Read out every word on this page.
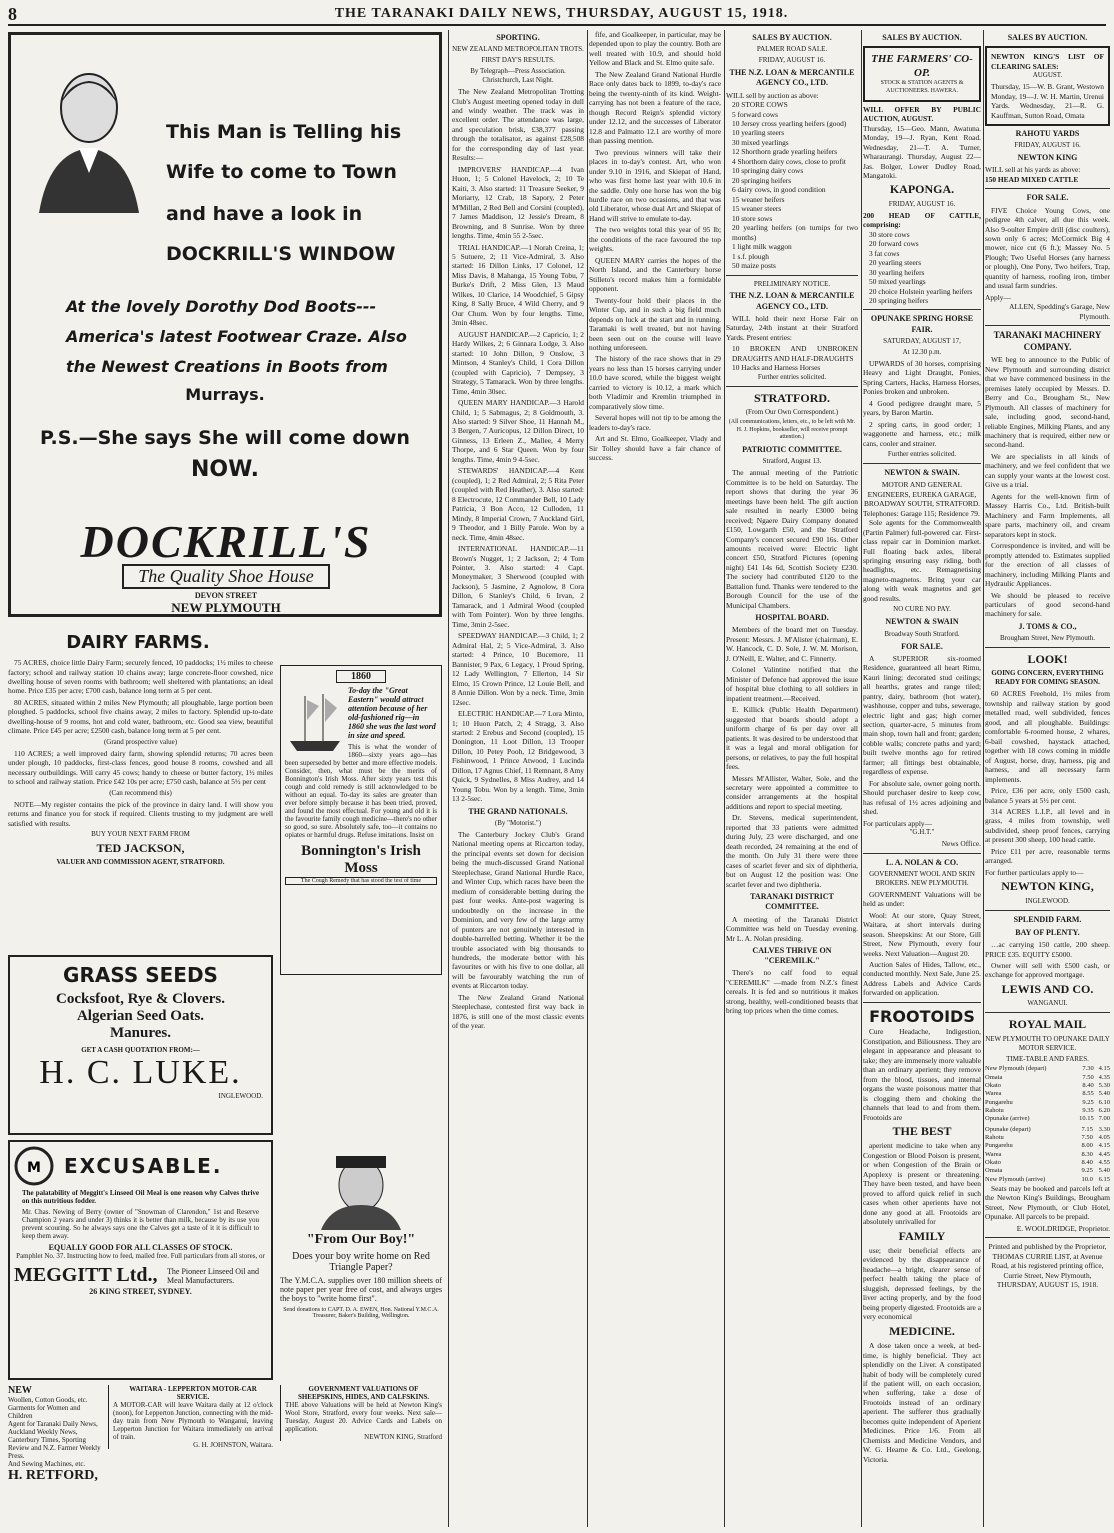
8	THE TARANAKI DAILY NEWS, THURSDAY, AUGUST 15, 1918.
This Man is Telling his
Wife to come to Town
and have a look in
DOCKRILL'S WINDOW
At the lovely Dorothy Dod Boots---
America's latest Footwear Craze. Also
the Newest Creations in Boots from
Murrays.
P.S.—She says She will come down
NOW.
DOCKRILL'S
The Quality Shoe House
DEVON STREET
NEW PLYMOUTH
DAIRY FARMS.

75 ACRES, choice little Dairy Farm; securely fenced, 10 paddocks; 1½ miles to cheese factory; school and railway station 10 chains away; large concrete-floor cowshed, nice dwelling house of seven rooms with bathroom; well sheltered with plantations; an ideal home. Price £35 per acre; £700 cash, balance long term at 5 per cent.

80 ACRES, situated within 2 miles New Plymouth; all ploughable, large portion been ploughed. 5 paddocks, school five chains away, 2 miles to factory. Splendid up-to-date dwelling-house of 9 rooms, hot and cold water, bathroom, etc. Good sea view, beautiful climate. Price £45 per acre; £2500 cash, balance long term at 5 per cent.

(Grand prospective value)

110 ACRES; a well improved dairy farm, showing splendid returns; 70 acres been under plough, 10 paddocks, first-class fences, good house 8 rooms, cowshed and all necessary outbuildings. Will carry 45 cows; handy to cheese or butter factory, 1½ miles to school and railway station. Price £42 10s per acre; £750 cash, balance at 5½ per cent

(Can recommend this)

NOTE—My register contains the pick of the province in dairy land. I will show you returns and finance you for stock if required. Clients trusting to my judgment are well satisfied with results.

BUY YOUR NEXT FARM FROM
TED JACKSON,
VALUER AND COMMISSION AGENT, STRATFORD.
1860

To-day the "Great Eastern" would attract attention because of her old-fashioned rig—in 1860 she was the last word in size and speed.

This is what the wonder of 1860—sixty years ago—has been superseded by better and more effective models. Consider, then, what must be the merits of Bonnington's Irish Moss. After sixty years test this cough and cold remedy is still acknowledged to be without an equal. To-day its sales are greater than ever before simply because it has been tried, proved, and found the most effectual. For young and old it is the favourite family cough medicine—there's no other so good, so sure. Absolutely safe, too—it contains no opiates or harmful drugs. Refuse imitations. Insist on

Bonnington's Irish Moss
The Cough Remedy that has stood the test of time
GRASS SEEDS
Cocksfoot, Rye & Clovers.
Algerian Seed Oats.
Manures.
GET A CASH QUOTATION FROM:—
H. C. LUKE.
INGLEWOOD.
M EXCUSABLE.

The palatability of Meggitt's Linseed Oil Meal is one reason why Calves thrive on this nutritious fodder.

Mr. Chas. Newing of Berry (owner of "Snowman of Clarendon," 1st and Reserve Champion 2 years and under 3) thinks it is better than milk, because by its use you prevent scouring. So he always says one the Calves get a taste of it it is difficult to keep them away.

EQUALLY GOOD FOR ALL CLASSES OF STOCK.
Pamphlet No. 37. Instructing how to feed, mailed free. Full particulars from all stores, or
MEGGITT Ltd., The Pioneer Linseed Oil and Meal Manufacturers.
26 KING STREET, SYDNEY.
"From Our Boy!"
Does your boy write home on Red Triangle Paper?

The Y.M.C.A. supplies over 180 million sheets of note paper per year free of cost, and always urges the boys to "write home first".

Send donations to CAPT. D. A. EWEN, Hon. National Y.M.C.A. Treasurer, Baker's Building, Wellington.

NEW
Woollen, Cotton Goods, etc.
Garments for Women and Children
Agent for Taranaki Daily News, Auckland Weekly News, Canterbury Times, Sporting Review and N.Z. Farmer Weekly Press.
And Sewing Machines, etc.
H. RETFORD,
WAITARA - LEPPERTON MOTOR-CAR SERVICE.

A MOTOR-CAR will leave Waitara daily at 12 o'clock (noon), for Lepperton Junction, connecting with the mid-day train from New Plymouth to Wanganui, leaving Lepperton Junction for Waitara immediately on arrival of train.

G. H. JOHNSTON, Waitara.
GOVERNMENT VALUATIONS OF SHEEPSKINS, HIDES, AND CALFSKINS.

THE above Valuations will be held at Newton King's Wool Store, Stratford, every four weeks. Next sale—Tuesday, August 20. Advice Cards and Labels on application.

NEWTON KING, Stratford
SPORTING.
NEW ZEALAND METROPOLITAN TROTS.
FIRST DAY'S RESULTS.
By Telegraph—Press Association. Christchurch, Last Night.

The New Zealand Metropolitan Trotting Club's August meeting opened today in dull and windy weather. The track was in excellent order. The attendance was large, and speculation brisk, £38,377 passing through the totalisator, as against £28,508 for the corresponding day of last year. Results:—

IMPROVERS' HANDICAP.—4 Ivan Huon, 1; 5 Colonel Havelock, 2; 10 Te Kaiti, 3. Also started: 11 Treasure Seeker, 9 Moriarty, 12 Crab, 18 Sapory, 2 Peter M'Millan, 2 Red Bell and Corsini (coupled), 7 James Maddison, 12 Jessie's Dream, 8 Browning, and 8 Sunrise. Won by three lengths. Time, 4min 55 2-5sec.

TRIAL HANDICAP.—1 Norah Creina, 1; 5 Sutuere, 2; 11 Vice-Admiral, 3. Also started: 16 Dillon Links, 17 Colonel, 12 Miss Davis, 8 Mahanga, 15 Young Tobu, 7 Burke's Drift, 2 Miss Glen, 13 Maud Wilkes, 10 Clarice, 14 Woodchief, 5 Gipsy King, 8 Sally Bruce, 4 Wild Cherry, and 9 Our Chum. Won by four lengths. Time, 3min 48sec.

AUGUST HANDICAP.—2 Capricio, 1; 2 Hardy Wilkes, 2; 6 Ginnara Lodge, 3. Also started: 10 John Dillon, 9 Onslow, 3 Mintson, 4 Stanley's Child, 1 Cora Dillon (coupled with Capricio), 7 Dempsey, 3 Strategy, 5 Tamarack. Won by three lengths. Time, 4min 30sec.

QUEEN MARY HANDICAP.—3 Harold Child, 1; 5 Sabmagus, 2; 8 Goldmouth, 3. Also started: 9 Silver Shoe, 11 Hannah M., 3 Bergen, 7 Auricopus, 12 Dillon Direct, 10 Ginness, 13 Erleen Z., Mallee, 4 Merry Thorpe, and 6 Star Queen. Won by four lengths. Time, 4min 9 4-5sec.

STEWARDS' HANDICAP.—4 Kent (coupled), 1; 2 Red Admiral, 2; 5 Rita Peter (coupled with Red Heather), 3. Also started: 8 Electrocute, 12 Commander Bell, 10 Lady Patricia, 3 Bon Acco, 12 Culloden, 11 Mindy, 8 Imperial Crown, 7 Auckland Girl, 9 Theodor, and 1 Billy Parole. Won by a neck. Time, 4min 48sec.

INTERNATIONAL HANDICAP.—11 Brown's Nugget, 1; 2 Jackson, 2; 4 Tom Pointer, 3. Also started: 4 Capt. Moneymaker, 3 Sherwood (coupled with Jackson), 5 Jasmine, 2 Agnolow, 8 Cora Dillon, 6 Stanley's Child, 6 Irvan, 2 Tamarack, and 1 Admiral Wood (coupled with Tom Pointer). Won by three lengths. Time, 3min 2-5sec.

SPEEDWAY HANDICAP.—3 Child, 1; 2 Admiral Hal, 2; 5 Vice-Admiral, 3. Also started: 4 Prince, 10 Bucemore, 11 Bannister, 9 Pax, 6 Legacy, 1 Proud Spring, 12 Lady Wellington, 7 Ellerton, 14 Sir Elmo, 15 Crown Prince, 12 Louie Bell, and 8 Annie Dillon. Won by a neck. Time, 3min 12sec.

ELECTRIC HANDICAP.—7 Lora Minto, 1; 10 Huon Patch, 2; 4 Stragg, 3. Also started: 2 Erebus and Second (coupled), 15 Donington, 11 Loot Dillon, 13 Trooper Dillon, 10 Petey Pooh, 12 Bridgewood, 3 Fishinwood, 1 Prince Atwood, 1 Lucinda Dillon, 17 Agnus Chief, 11 Remnant, 8 Amy Quick, 9 Sydnelles, 8 Miss Audrey, and 14 Young Tobu. Won by a length. Time, 3min 13 2-5sec.

THE GRAND NATIONALS.
(By "Motorist.")

The Canterbury Jockey Club's Grand National meeting opens at Riccarton today, the principal events set down for decision being the much-discussed Grand National Steeplechase, Grand National Hurdle Race, and Winter Cup, which races have been the medium of considerable betting during the past four weeks. Ante-post wagering is undoubtedly on the increase in the Dominion, and very few of the large army of punters are not genuinely interested in double-barrelled betting. Whether it be the trouble associated with big thousands to hundreds, the moderate bettor with his favourites or with his five to one dollar, all will be favourably watching the run of events at Riccarton today.

The New Zealand Grand National Steeplechase, contested first way back in 1876, is still one of the most classic events of the year.

fife, and Goalkeeper, in particular, may be depended upon to play the country. Both are well treated with 10.9, and should hold Yellow and Black and St. Elmo quite safe.

The New Zealand Grand National Hurdle Race only dates back to 1899, to-day's race being the twenty-ninth of its kind. Weight-carrying has not been a feature of the race, though Record Reign's splendid victory under 12.12, and the successes of Liberator 12.8 and Palmatto 12.1 are worthy of more than passing mention.

Two previous winners will take their places in to-day's contest. Art, who won under 9.10 in 1916, and Skiepat of Hand, who was first home last year with 10.6 in the saddle. Only one horse has won the big hurdle race on two occasions, and that was old Liberator, whose dual Art and Skiepat of Hand will strive to emulate to-day.

The two weights total this year of 95 lb; the conditions of the race favoured the top weights.

QUEEN MARY carries the hopes of the North Island, and the Canterbury horse Stilleto's record makes him a formidable opponent.

Twenty-four hold their places in the Winter Cup, and in such a big field much depends on luck at the start and in running. Taramaki is well treated, but not having been seen out on the course will leave nothing unforeseen.

The history of the race shows that in 29 years no less than 15 horses carrying under 10.0 have scored, while the biggest weight carried to victory is 10.12, a mark which both Vladimir and Kremlin triumphed in comparatively slow time.

Several hopes will not tip to be among the leaders to-day's race.

Art and St. Elmo, Goalkeeper, Vlady and Sir Tolley should have a fair chance of success.

SALES BY AUCTION.
PALMER ROAD SALE.
FRIDAY, AUGUST 16.
THE N.Z. LOAN & MERCANTILE AGENCY CO., LTD.

WILL sell by auction as above:

20 STORE COWS
5 forward cows
10 Jersey cross yearling heifers (good)
10 yearling steers
30 mixed yearlings
12 Shorthorn grade yearling heifers
4 Shorthorn dairy cows, close to profit
10 springing dairy cows
20 springing heifers
6 dairy cows, in good condition
15 weaner heifers
15 weaner steers
10 store sows
20 yearling heifers (on turnips for two months)
1 light milk waggon
1 s.f. plough
50 maize posts
PRELIMINARY NOTICE.
THE N.Z. LOAN & MERCANTILE AGENCY CO., LTD.

WILL hold their next Horse Fair on Saturday, 24th instant at their Stratford Yards. Present entries:

10 BROKEN AND UNBROKEN DRAUGHTS AND HALF-DRAUGHTS
10 Hacks and Harness Horses
Further entries solicited.
STRATFORD.
(From Our Own Correspondent.)
(All communications, letters, etc., to be left with Mr. H. J. Hopkins, bookseller, will receive prompt attention.)
PATRIOTIC COMMITTEE.
Stratford, August 13.

The annual meeting of the Patriotic Committee is to be held on Saturday. The report shows that during the year 36 meetings have been held. The gift auction sale resulted in nearly £3000 being received; Ngaere Dairy Company donated £150, Lowgarth £50, and the Stratford Company's concert secured £90 16s. Other amounts received were: Electric light concert £50, Stratford Pictures (opening night) £41 14s 6d, Scottish Society £230. The society had contributed £120 to the Battalion fund. Thanks were tendered to the Borough Council for the use of the Municipal Chambers.

HOSPITAL BOARD.

Members of the board met on Tuesday. Present: Messrs. J. M'Alister (chairman), E. W. Hancock, C. D. Sole, J. W. M. Morison, J. O'Neill, E. Walter, and C. Finnerty.

Colonel Valintine notified that the Minister of Defence had approved the issue of hospital blue clothing to all soldiers in inpatient treatment.—Received.

E. Killick (Public Health Department) suggested that boards should adopt a uniform charge of 6s per day over all patients. It was desired to be understood that it was a legal and moral obligation for persons, or relatives, to pay the full hospital fees.

Messrs M'Allister, Walter, Sole, and the secretary were appointed a committee to consider arrangements at the hospital additions and report to special meeting.

Dr. Stevens, medical superintendent, reported that 33 patients were admitted during July, 23 were discharged, and one death recorded, 24 remaining at the end of the month. On July 31 there were three cases of scarlet fever and six of diphtheria, but on August 12 the position was: One scarlet fever and two diphtheria.

TARANAKI DISTRICT COMMITTEE.

A meeting of the Taranaki District Committee was held on Tuesday evening. Mr L. A. Nolan presiding.

CALVES THRIVE ON "CEREMILK."

There's no calf food to equal "CEREMILK" —made from N.Z.'s finest cereals. It is fed and so nutritious it makes strong, healthy, well-conditioned beasts that bring top prices when the time comes.

SALES BY AUCTION.
THE FARMERS' CO-OP.
STOCK & STATION AGENTS & AUCTIONEERS. HAWERA.

WILL OFFER BY PUBLIC AUCTION, AUGUST.

Thursday, 15—Geo. Mann, Awatuna. Monday, 19—J. Ryan, Kent Road. Wednesday, 21—T. A. Turner, Wharaurangi. Thursday, August 22—Jas. Bolger, Lower Dudley Road, Mangatoki.

KAPONGA.
FRIDAY, AUGUST 16.

200 HEAD OF CATTLE, comprising:

30 store cows
20 forward cows
3 fat cows
20 yearling steers
30 yearling heifers
50 mixed yearlings
20 choice Holstein yearling heifers
20 springing heifers
OPUNAKE SPRING HORSE FAIR.
SATURDAY, AUGUST 17,
At 12.30 p.m.

UPWARDS of 30 horses, comprising Heavy and Light Draught, Ponies, Spring Carters, Hacks, Harness Horses, Ponies broken and unbroken.

4 Good pedigree draught mare, 5 years, by Baron Martin.

2 spring carts, in good order; 1 waggonette and harness, etc.; milk cans, cooler and strainer.

Further entries solicited.
NEWTON & SWAIN.

MOTOR AND GENERAL ENGINEERS, EUREKA GARAGE, BROADWAY SOUTH, STRATFORD.

Telephones: Garage 115; Residence 79.

Sole agents for the Commonwealth (Partin Palmer) full-powered car. First-class repair car in Dominion market. Full floating back axles, liberal springing ensuring easy riding, both headlights, etc. Remagnetising magneto-magnetos. Bring your car along with weak magnetos and get good results.

NO CURE NO PAY.
NEWTON & SWAIN
Broadway South Stratford.
FOR SALE.

A SUPERIOR six-roomed Residence, guaranteed all heart Rimu, Kauri lining; decorated stud ceilings; all hearths, grates and range tiled; pantry, dairy, bathroom (hot water), washhouse, copper and tubs, sewerage, electric light and gas; high corner section, quarter-acre, 5 minutes from main shop, town hall and front; garden; cobble walls; concrete paths and yard; built twelve months ago for retired farmer; all fittings best obtainable, regardless of expense.

For absolute sale, owner going north. Should purchaser desire to keep cow, has refusal of 1½ acres adjoining and shed.

For particulars apply—

"G.H.T."
News Office.
L. A. NOLAN & CO.
GOVERNMENT WOOL AND SKIN BROKERS. NEW PLYMOUTH.

GOVERNMENT Valuations will be held as under:

Wool: At our store, Quay Street, Waitara, at short intervals during season. Sheepskins: At our Store, Gill Street, New Plymouth, every four weeks. Next Valuation—August 20.

Auction Sales of Hides, Tallow, etc., conducted monthly. Next Sale, June 25. Address Labels and Advice Cards forwarded on application.

FROOTOIDS

Cure Headache, Indigestion, Constipation, and Biliousness. They are elegant in appearance and pleasant to take; they are immensely more valuable than an ordinary aperient; they remove from the blood, tissues, and internal organs the waste poisonous matter that is clogging them and choking the channels that lead to and from them. Frootoids are

THE BEST

aperient medicine to take when any Congestion or Blood Poison is present, or when Congestion of the Brain or Apoplexy is present or threatening. They have been tested, and have been proved to afford quick relief in such cases when other aperients have not done any good at all. Frootoids are absolutely unrivalled for

FAMILY

use; their beneficial effects are evidenced by the disappearance of headache—a bright, clearer sense of perfect health taking the place of sluggish, depressed feelings, by the liver acting properly, and by the food being properly digested. Frootoids are a very economical

MEDICINE.

A dose taken once a week, at bed-time, is highly beneficial. They act splendidly on the Liver. A constipated habit of body will be completely cured if the patient will, on each occasion, when suffering, take a dose of Frootoids instead of an ordinary aperient. The sufferer thus gradually becomes quite independent of Aperient Medicines. Price 1/6. From all Chemists and Medicine Vendors, and W. G. Hearne & Co. Ltd., Geelong, Victoria.

SALES BY AUCTION.
NEWTON KING'S LIST OF CLEARING SALES:
AUGUST.

Thursday, 15—W. B. Grant, Westown Monday, 19—J. W. H. Martin, Urenui Yards. Wednesday, 21—R. G. Kauffman, Sutton Road, Omata

RAHOTU YARDS
FRIDAY, AUGUST 16.
NEWTON KING

WILL sell at his yards as above:

150 HEAD MIXED CATTLE

FOR SALE.

FIVE Choice Young Cows, one pedigree 4th calver, all due this week. Also 9-oulter Empire drill (disc coulters), sown only 6 acres; McCormick Big 4 mower, nice cut (6 ft.); Massey No. 5 Plough; Two Useful Horses (any harness or plough), One Pony, Two heifers, Trap, quantity of harness, roofing iron, timber and usual farm sundries.

Apply—

ALLEN, Spedding's Garage, New Plymouth.
TARANAKI MACHINERY COMPANY.

WE beg to announce to the Public of New Plymouth and surrounding district that we have commenced business in the premises lately occupied by Messrs. D. Berry and Co., Brougham St., New Plymouth. All classes of machinery for sale, including good, second-hand, reliable Engines, Milking Plants, and any machinery that is required, either new or second-hand.

We are specialists in all kinds of machinery, and we feel confident that we can supply your wants at the lowest cost. Give us a trial.

Agents for the well-known firm of Massey Harris Co., Ltd. British-built Machinery and Farm Implements, all spare parts, machinery oil, and cream separators kept in stock.

Correspondence is invited, and will be promptly attended to. Estimates supplied for the erection of all classes of machinery, including Milking Plants and Hydraulic Appliances.

We should be pleased to receive particulars of good second-hand machinery for sale.

J. TOMS & CO.,
Brougham Street, New Plymouth.
LOOK!
GOING CONCERN, EVERYTHING READY FOR COMING SEASON.

60 ACRES Freehold, 1½ miles from township and railway station by good metalled road, well subdivided, fences good, and all ploughable. Buildings: comfortable 6-roomed house, 2 whares, 6-bail cowshed, haystack attached, together with 18 cows coming in middle of August, horse, dray, harness, pig and harness, and all necessary farm implements.

Price, £36 per acre, only £500 cash, balance 5 years at 5½ per cent.

314 ACRES L.I.P., all level and in grass, 4 miles from township, well subdivided, sheep proof fences, carrying at present 300 sheep, 100 head cattle.

Price £11 per acre, reasonable terms arranged.

For further particulars apply to—

NEWTON KING,
INGLEWOOD.
SPLENDID FARM.
BAY OF PLENTY.

…ac carrying 150 cattle, 200 sheep. PRICE £35. EQUITY £5000.

Owner will sell with £500 cash, or exchange for approved mortgage.

LEWIS AND CO.
WANGANUI.
ROYAL MAIL
NEW PLYMOUTH TO OPUNAKE DAILY MOTOR SERVICE.
TIME-TABLE AND FARES.
New Plymouth (depart)	7.30	4.15
Omata	7.50	4.35
Okato	8.40	5.30
Warea	8.55	5.40
Pungarehu	9.25	6.10
Rahotu	9.35	6.20
Opunake (arrive)	10.15	7.00
Opunake (depart)	7.15	3.30
Rahotu	7.50	4.05
Pungarehu	8.00	4.15
Warea	8.30	4.45
Okato	8.40	4.55
Omata	9.25	5.40
New Plymouth (arrive)	10.0	6.15

Seats may be booked and parcels left at the Newton King's Buildings, Brougham Street, New Plymouth, or Club Hotel, Opunake. All parcels to be prepaid.

E. WOOLDRIDGE, Proprietor.

Printed and published by the Proprietor, THOMAS CURRIE LIST, at Avenue Road, at his registered printing office, Currie Street, New Plymouth, THURSDAY, AUGUST 15, 1918.
